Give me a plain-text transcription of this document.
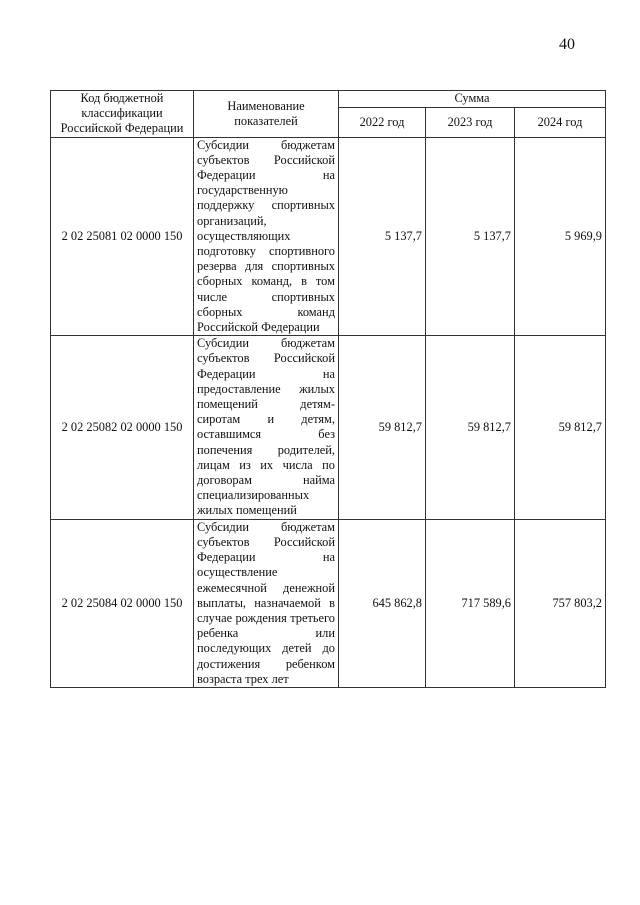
40
Код бюджетной классификации Российской Федерации	Наименование показателей	Сумма		
		2022 год	2023 год	2024 год
2 02 25081 02 0000 150	Субсидии бюджетам субъектов Российской Федерации на государственную поддержку спортивных организаций, осуществляющих подготовку спортивного резерва для спортивных сборных команд, в том числе спортивных сборных команд Российской Федерации	5 137,7	5 137,7	5 969,9
2 02 25082 02 0000 150	Субсидии бюджетам субъектов Российской Федерации на предоставление жилых помещений детям-сиротам и детям, оставшимся без попечения родителей, лицам из их числа по договорам найма специализированных жилых помещений	59 812,7	59 812,7	59 812,7
2 02 25084 02 0000 150	Субсидии бюджетам субъектов Российской Федерации на осуществление ежемесячной денежной выплаты, назначаемой в случае рождения третьего ребенка или последующих детей до достижения ребенком возраста трех лет	645 862,8	717 589,6	757 803,2
